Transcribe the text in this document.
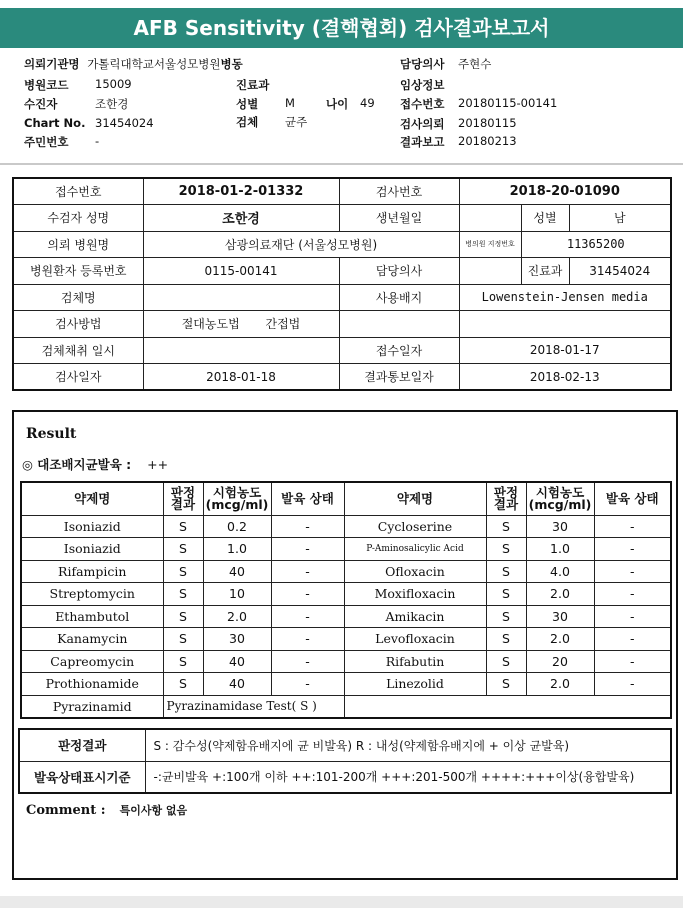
AFB Sensitivity (결핵협회) 검사결과보고서
의뢰기관명 가톨릭대학교서울성모병원병동
병원코드 15009	진료과
수진자	조한경	성별 M	나이 49
Chart No. 31454024	검체 균주
주민번호 -
담당의사 주현수
임상정보
접수번호 20180115-00141
검사의뢰 20180115
결과보고 20180213
접수번호	2018-01-2-01332	검사번호	2018-20-01090		
수검자 성명	조한경	생년월일		성별	남
의뢰 병원명	삼광의료재단 (서울성모병원)		병의원 지정번호	11365200	
병원환자 등록번호	0115-00141	담당의사		진료과	31454024
검체명		사용배지	Lowenstein-Jensen media		
검사방법	절대농도법 간접법				
검체채취 일시		접수일자	2018-01-17		
검사일자	2018-01-18	결과통보일자	2018-02-13		
Result
◎ 대조배지균발육 : ++
약제명	판정 결과	시험농도 (mcg/ml)	발육 상태	약제명	판정 결과	시험농도 (mcg/ml)	발육 상태
Isoniazid	S	0.2	-	Cycloserine	S	30	-
Isoniazid	S	1.0	-	P-Aminosalicylic Acid	S	1.0	-
Rifampicin	S	40	-	Ofloxacin	S	4.0	-
Streptomycin	S	10	-	Moxifloxacin	S	2.0	-
Ethambutol	S	2.0	-	Amikacin	S	30	-
Kanamycin	S	30	-	Levofloxacin	S	2.0	-
Capreomycin	S	40	-	Rifabutin	S	20	-
Prothionamide	S	40	-	Linezolid	S	2.0	-
Pyrazinamid	Pyrazinamidase Test( S )						
판정결과	S : 감수성(약제함유배지에 균 비발육) R : 내성(약제함유배지에 + 이상 균발육)
발육상태표시기준	-:균비발육 +:100개 이하 ++:101-200개 +++:201-500개 ++++:+++이상(융합발육)
Comment : 특이사항 없음
